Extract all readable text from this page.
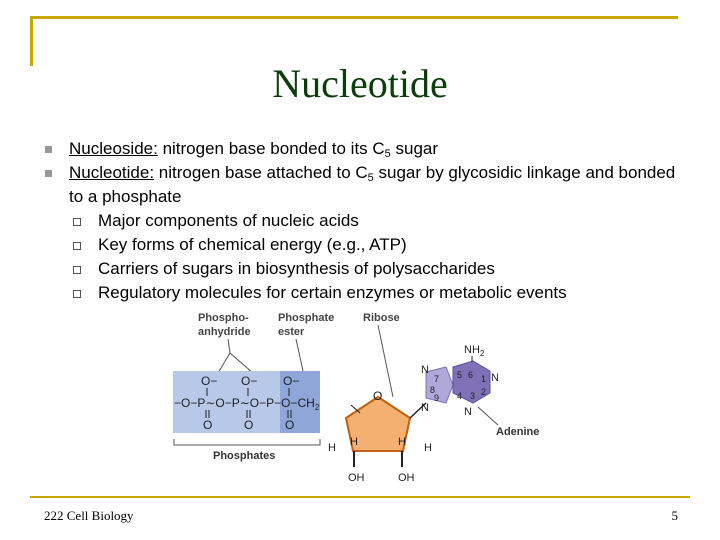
Nucleotide
Nucleoside: nitrogen base bonded to its $C_5$ sugar
Nucleotide: nitrogen base attached to $C_5$ sugar by glycosidic linkage and bonded to a phosphate
Major components of nucleic acids
Key forms of chemical energy (e.g., ATP)
Carriers of sugars in biosynthesis of polysaccharides
Regulatory molecules for certain enzymes or metabolic events
Phospho-
anhydride
Phosphate
ester
Ribose
O− O− O−
$-O-P\sim O-P\sim O-P-O-CH_2$
O	O	O
Phosphates
O
H	H
H	H
OH	OH
N
N
N
N
$NH_2$
7 5 6 1
8
9 4 3 2
Adenine
222 Cell Biology	5
